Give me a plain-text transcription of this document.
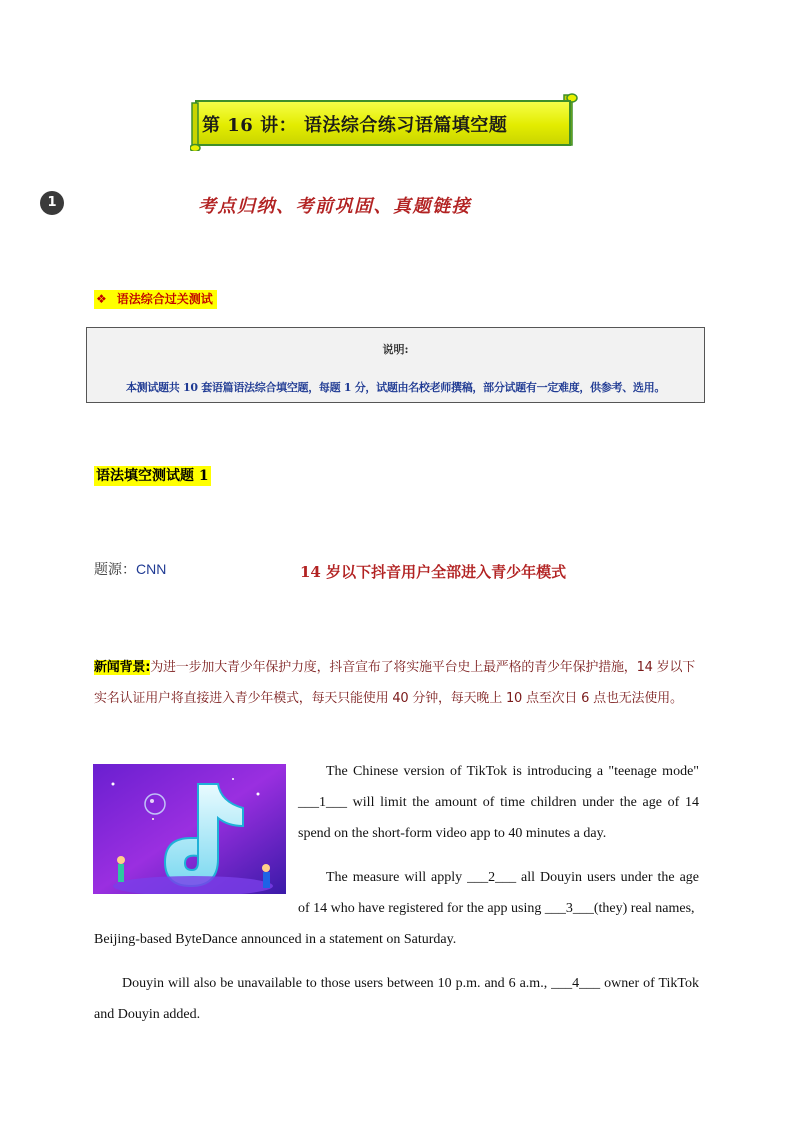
第 16 讲： 语法综合练习语篇填空题
1	考点归纳、考前巩固、真题链接
❖ 语法综合过关测试
说明:
本测试题共 10 套语篇语法综合填空题，每题 1 分，试题由名校老师撰稿，部分试题有一定难度，供参考、选用。
语法填空测试题 1
题源：CNN	14 岁以下抖音用户全部进入青少年模式
新闻背景:为进一步加大青少年保护力度，抖音宣布了将实施平台史上最严格的青少年保护措施，14 岁以下实名认证用户将直接进入青少年模式，每天只能使用 40 分钟，每天晚上 10 点至次日 6 点也无法使用。
The Chinese version of TikTok is introducing a "teenage mode" ___1___ will limit the amount of time children under the age of 14 spend on the short-form video app to 40 minutes a day.
The measure will apply ___2___ all Douyin users under the age of 14 who have registered for the app using ___3___(they) real names,
Beijing-based ByteDance announced in a statement on Saturday.
Douyin will also be unavailable to those users between 10 p.m. and 6 a.m., ___4___ owner of TikTok and Douyin added.
